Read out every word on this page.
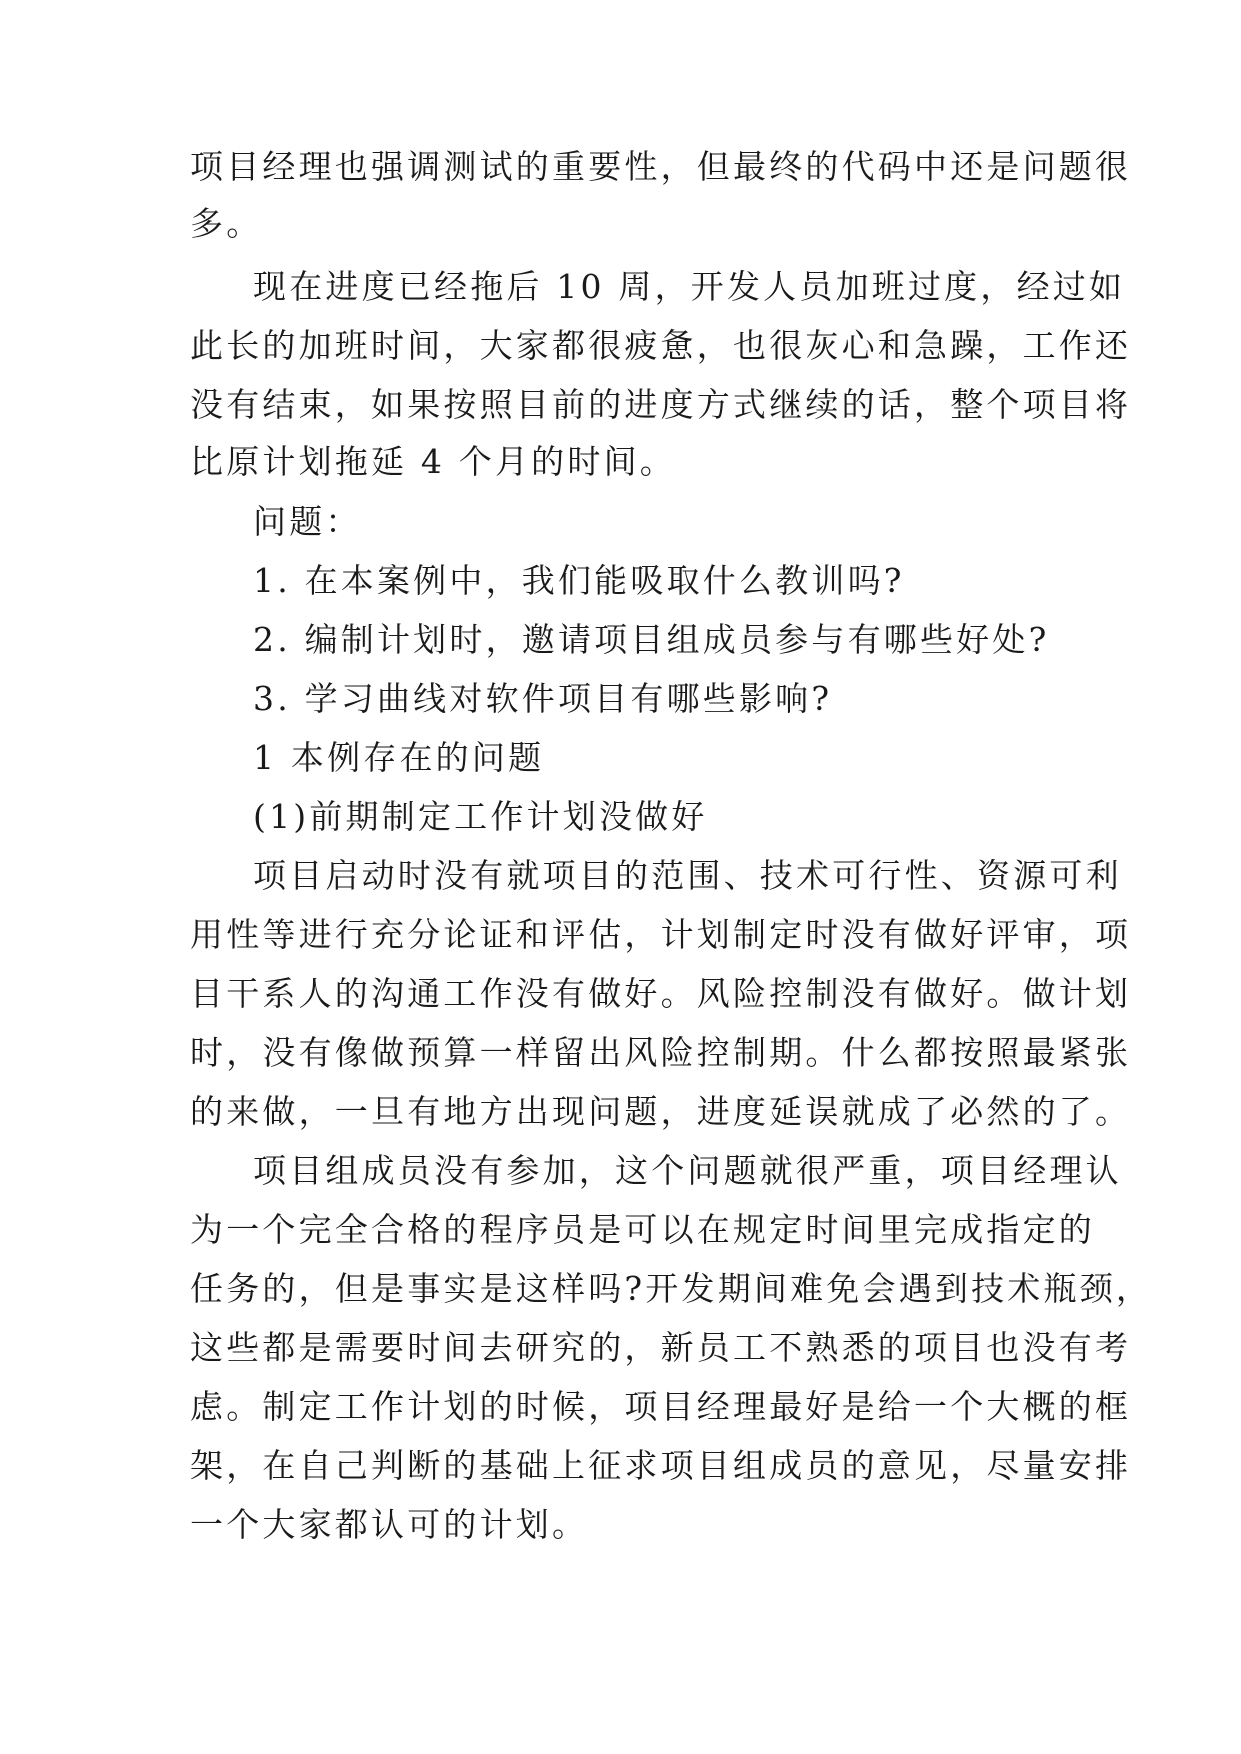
项目经理也强调测试的重要性，但最终的代码中还是问题很
多。
现在进度已经拖后 10 周，开发人员加班过度，经过如
此长的加班时间，大家都很疲惫，也很灰心和急躁，工作还
没有结束，如果按照目前的进度方式继续的话，整个项目将
比原计划拖延 4 个月的时间。
问题：
1. 在本案例中，我们能吸取什么教训吗?
2. 编制计划时，邀请项目组成员参与有哪些好处?
3. 学习曲线对软件项目有哪些影响?
1 本例存在的问题
(1)前期制定工作计划没做好
项目启动时没有就项目的范围、技术可行性、资源可利
用性等进行充分论证和评估，计划制定时没有做好评审，项
目干系人的沟通工作没有做好。风险控制没有做好。做计划
时，没有像做预算一样留出风险控制期。什么都按照最紧张
的来做，一旦有地方出现问题，进度延误就成了必然的了。
项目组成员没有参加，这个问题就很严重，项目经理认
为一个完全合格的程序员是可以在规定时间里完成指定的
任务的，但是事实是这样吗?开发期间难免会遇到技术瓶颈，
这些都是需要时间去研究的，新员工不熟悉的项目也没有考
虑。制定工作计划的时候，项目经理最好是给一个大概的框
架，在自己判断的基础上征求项目组成员的意见，尽量安排
一个大家都认可的计划。
